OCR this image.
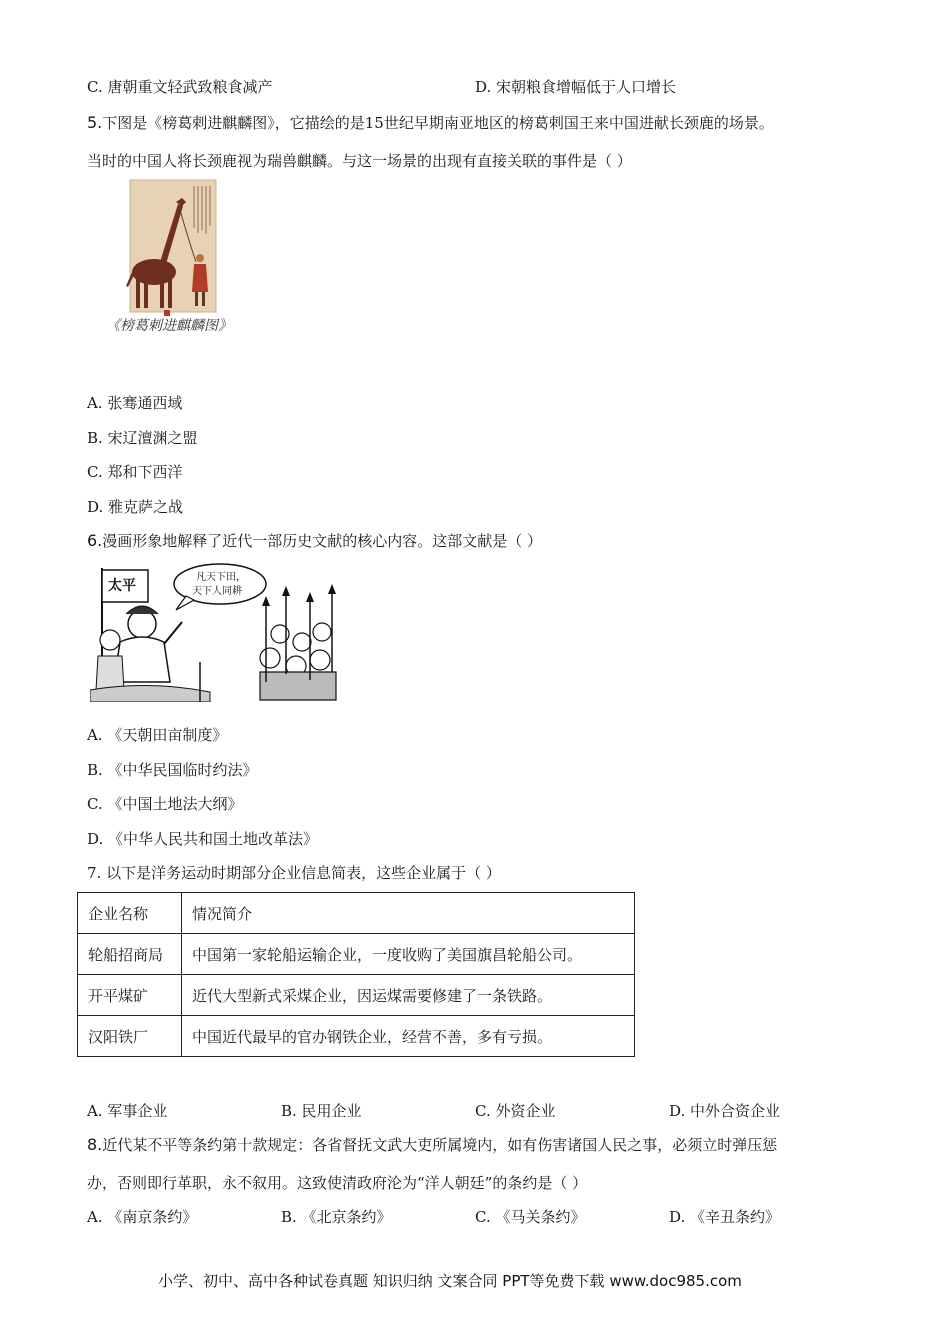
C. 唐朝重文轻武致粮食减产	D. 宋朝粮食增幅低于人口增长
5.下图是《榜葛剌进麒麟图》，它描绘的是15世纪早期南亚地区的榜葛剌国王来中国进献长颈鹿的场景。
当时的中国人将长颈鹿视为瑞兽麒麟。与这一场景的出现有直接关联的事件是（ ）
《榜葛剌进麒麟图》
A. 张骞通西域
B. 宋辽澶渊之盟
C. 郑和下西洋
D. 雅克萨之战
6.漫画形象地解释了近代一部历史文献的核心内容。这部文献是（ ）
太平
凡天下田，
天下人同耕
A. 《天朝田亩制度》
B. 《中华民国临时约法》
C. 《中国土地法大纲》
D. 《中华人民共和国土地改革法》
7. 以下是洋务运动时期部分企业信息简表，这些企业属于（ ）
企业名称	情况简介
轮船招商局	中国第一家轮船运输企业，一度收购了美国旗昌轮船公司。
开平煤矿	近代大型新式采煤企业，因运煤需要修建了一条铁路。
汉阳铁厂	中国近代最早的官办钢铁企业，经营不善，多有亏损。
A. 军事企业	B. 民用企业	C. 外资企业	D. 中外合资企业
8.近代某不平等条约第十款规定：各省督抚文武大吏所属境内，如有伤害诸国人民之事，必须立时弹压惩
办，否则即行革职，永不叙用。这致使清政府沦为“洋人朝廷”的条约是（ ）
A. 《南京条约》	B. 《北京条约》	C. 《马关条约》	D. 《辛丑条约》
小学、初中、高中各种试卷真题 知识归纳 文案合同 PPT等免费下载 www.doc985.com
